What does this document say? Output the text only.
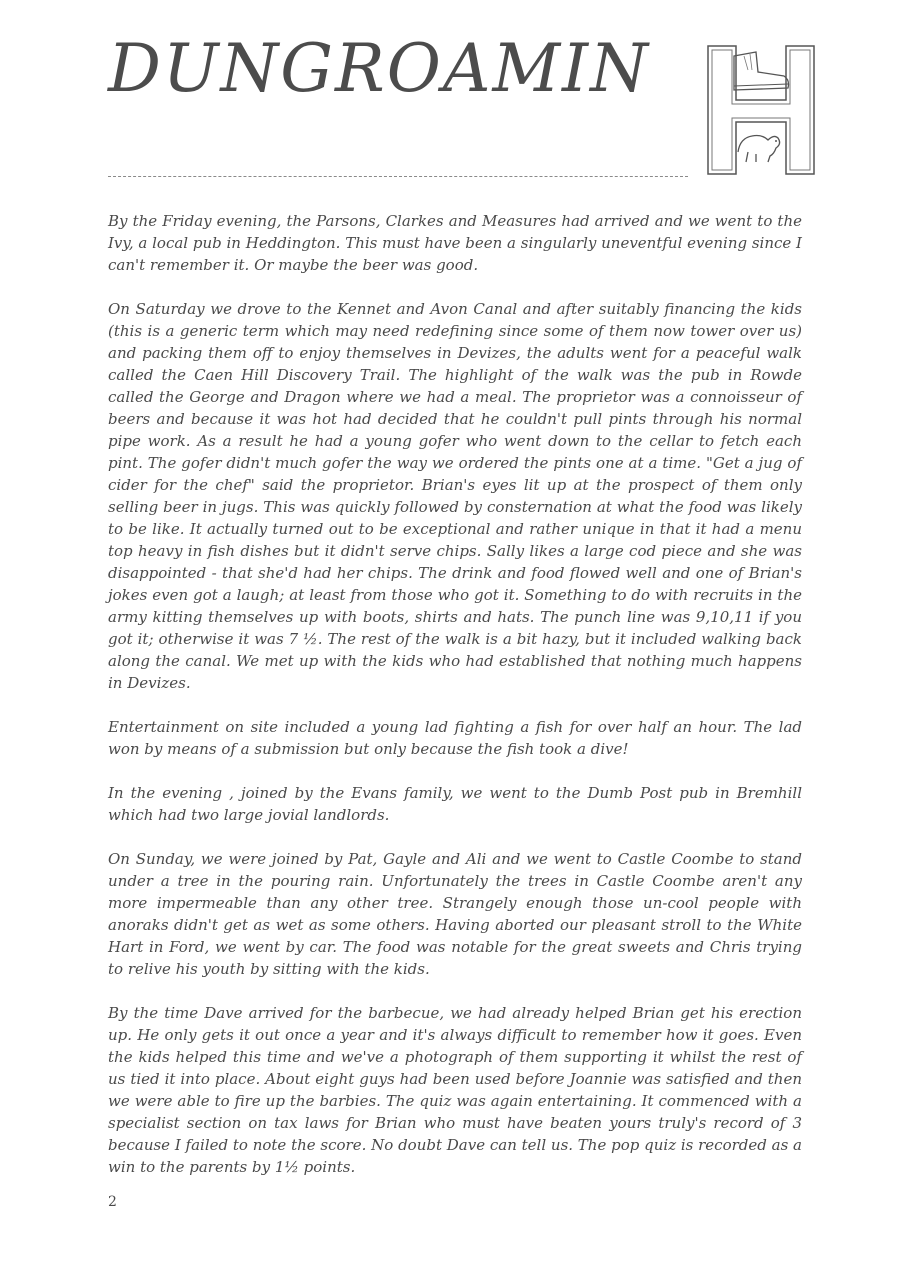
DUNGROAMIN

By the Friday evening, the Parsons, Clarkes and Measures had arrived and we went to the Ivy, a local pub in Heddington. This must have been a singularly uneventful evening since I can't remember it. Or maybe the beer was good.

On Saturday we drove to the Kennet and Avon Canal and after suitably financing the kids (this is a generic term which may need redefining since some of them now tower over us) and packing them off to enjoy themselves in Devizes, the adults went for a peaceful walk called the Caen Hill Discovery Trail. The highlight of the walk was the pub in Rowde called the George and Dragon where we had a meal. The proprietor was a connoisseur of beers and because it was hot had decided that he couldn't pull pints through his normal pipe work. As a result he had a young gofer who went down to the cellar to fetch each pint. The gofer didn't much gofer the way we ordered the pints one at a time. "Get a jug of cider for the chef" said the proprietor. Brian's eyes lit up at the prospect of them only selling beer in jugs. This was quickly followed by consternation at what the food was likely to be like. It actually turned out to be exceptional and rather unique in that it had a menu top heavy in fish dishes but it didn't serve chips. Sally likes a large cod piece and she was disappointed - that she'd had her chips. The drink and food flowed well and one of Brian's jokes even got a laugh; at least from those who got it. Something to do with recruits in the army kitting themselves up with boots, shirts and hats. The punch line was 9,10,11 if you got it; otherwise it was 7 ½. The rest of the walk is a bit hazy, but it included walking back along the canal. We met up with the kids who had established that nothing much happens in Devizes.

Entertainment on site included a young lad fighting a fish for over half an hour. The lad won by means of a submission but only because the fish took a dive!

In the evening , joined by the Evans family, we went to the Dumb Post pub in Bremhill which had two large jovial landlords.

On Sunday, we were joined by Pat, Gayle and Ali and we went to Castle Coombe to stand under a tree in the pouring rain. Unfortunately the trees in Castle Coombe aren't any more impermeable than any other tree. Strangely enough those un-cool people with anoraks didn't get as wet as some others. Having aborted our pleasant stroll to the White Hart in Ford, we went by car. The food was notable for the great sweets and Chris trying to relive his youth by sitting with the kids.

By the time Dave arrived for the barbecue, we had already helped Brian get his erection up. He only gets it out once a year and it's always difficult to remember how it goes. Even the kids helped this time and we've a photograph of them supporting it whilst the rest of us tied it into place. About eight guys had been used before Joannie was satisfied and then we were able to fire up the barbies. The quiz was again entertaining. It commenced with a specialist section on tax laws for Brian who must have beaten yours truly's record of 3 because I failed to note the score. No doubt Dave can tell us. The pop quiz is recorded as a win to the parents by 1½ points.

2
